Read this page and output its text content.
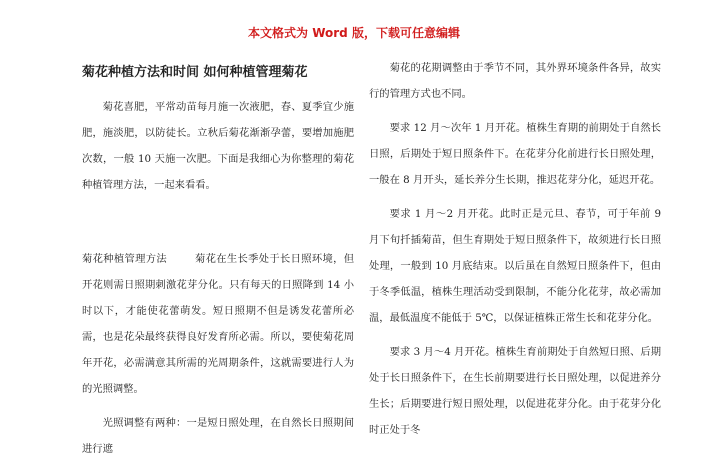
本文格式为 Word 版，下载可任意编辑
菊花种植方法和时间 如何种植管理菊花

菊花喜肥，平常动苗每月施一次液肥，春、夏季宜少施肥，施淡肥，以防徒长。立秋后菊花渐渐孕蕾，要增加施肥次数，一般 10 天施一次肥。下面是我细心为你整理的菊花种植管理方法，一起来看看。

菊花种植管理方法	菊花在生长季处于长日照环境，但开花则需日照期刺激花芽分化。只有每天的日照降到 14 小时以下，才能使花蕾萌发。短日照期不但是诱发花蕾所必需，也是花朵最终获得良好发育所必需。所以，要使菊花周年开花，必需满意其所需的光周期条件，这就需要进行人为的光照调整。

光照调整有两种：一是短日照处理，在自然长日照期间进行遮

菊花的花期调整由于季节不同，其外界环境条件各异，故实行的管理方式也不同。

要求 12 月～次年 1 月开花。植株生育期的前期处于自然长日照，后期处于短日照条件下。在花芽分化前进行长日照处理，一般在 8 月开头，延长养分生长期，推迟花芽分化，延迟开花。

要求 1 月～2 月开花。此时正是元旦、春节，可于年前 9 月下旬扦插菊苗，但生育期处于短日照条件下，故须进行长日照处理，一般到 10 月底结束。以后虽在自然短日照条件下，但由于冬季低温，植株生理活动受到限制，不能分化花芽，故必需加温，最低温度不能低于 5℃，以保证植株正常生长和花芽分化。

要求 3 月～4 月开花。植株生育前期处于自然短日照、后期处于长日照条件下，在生长前期要进行长日照处理，以促进养分生长；后期要进行短日照处理，以促进花芽分化。由于花芽分化时正处于冬
